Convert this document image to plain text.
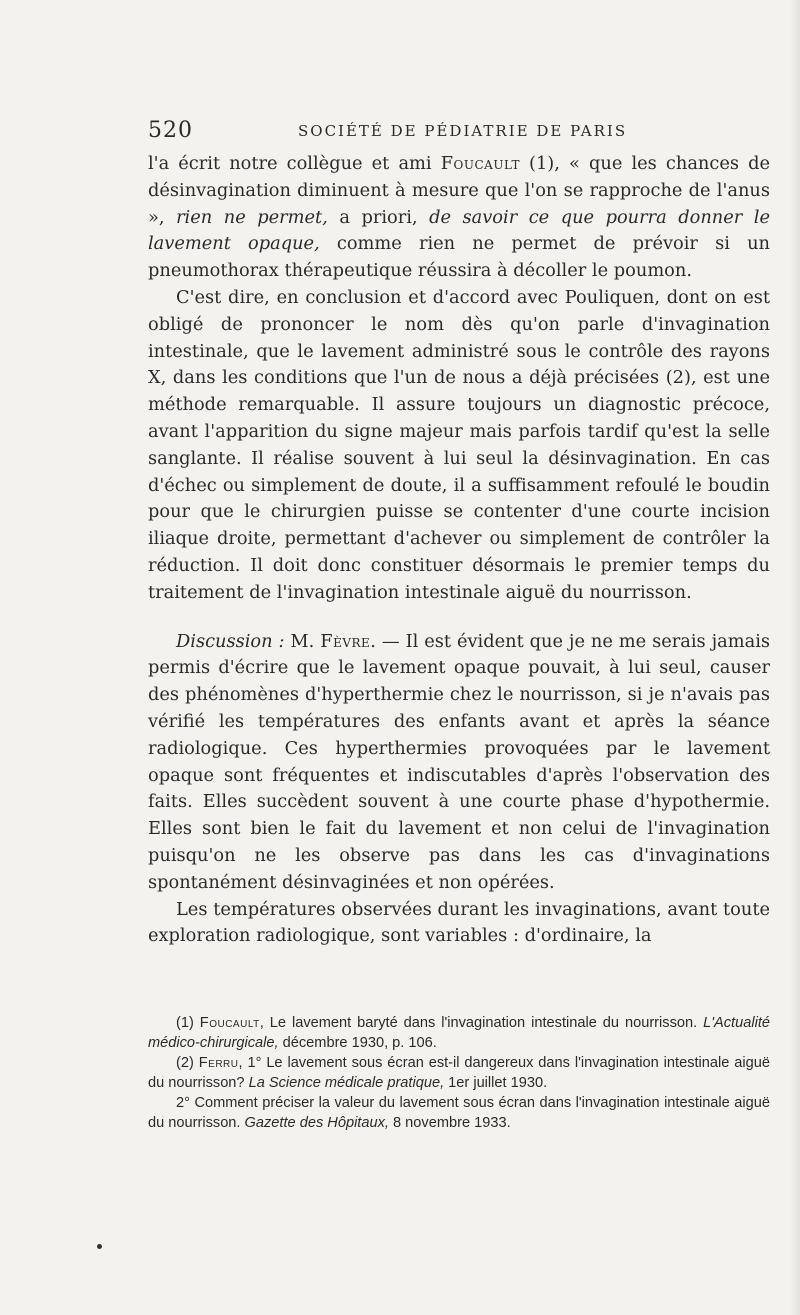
520	SOCIÉTÉ DE PÉDIATRIE DE PARIS

l'a écrit notre collègue et ami Foucault (1), « que les chances de désinvagination diminuent à mesure que l'on se rapproche de l'anus », rien ne permet, a priori, de savoir ce que pourra donner le lavement opaque, comme rien ne permet de prévoir si un pneumothorax thérapeutique réussira à décoller le poumon.

C'est dire, en conclusion et d'accord avec Pouliquen, dont on est obligé de prononcer le nom dès qu'on parle d'invagination intestinale, que le lavement administré sous le contrôle des rayons X, dans les conditions que l'un de nous a déjà précisées (2), est une méthode remarquable. Il assure toujours un diagnostic précoce, avant l'apparition du signe majeur mais parfois tardif qu'est la selle sanglante. Il réalise souvent à lui seul la désinvagination. En cas d'échec ou simplement de doute, il a suffisamment refoulé le boudin pour que le chirurgien puisse se contenter d'une courte incision iliaque droite, permettant d'achever ou simplement de contrôler la réduction. Il doit donc constituer désormais le premier temps du traitement de l'invagination intestinale aiguë du nourrisson.

Discussion : M. Fèvre. — Il est évident que je ne me serais jamais permis d'écrire que le lavement opaque pouvait, à lui seul, causer des phénomènes d'hyperthermie chez le nourrisson, si je n'avais pas vérifié les températures des enfants avant et après la séance radiologique. Ces hyperthermies provoquées par le lavement opaque sont fréquentes et indiscutables d'après l'observation des faits. Elles succèdent souvent à une courte phase d'hypothermie. Elles sont bien le fait du lavement et non celui de l'invagination puisqu'on ne les observe pas dans les cas d'invaginations spontanément désinvaginées et non opérées.

Les températures observées durant les invaginations, avant toute exploration radiologique, sont variables : d'ordinaire, la

(1) Foucault, Le lavement baryté dans l'invagination intestinale du nourrisson. L'Actualité médico-chirurgicale, décembre 1930, p. 106.

(2) Ferru, 1° Le lavement sous écran est-il dangereux dans l'invagination intestinale aiguë du nourrisson? La Science médicale pratique, 1er juillet 1930.

2° Comment préciser la valeur du lavement sous écran dans l'invagination intestinale aiguë du nourrisson. Gazette des Hôpitaux, 8 novembre 1933.
